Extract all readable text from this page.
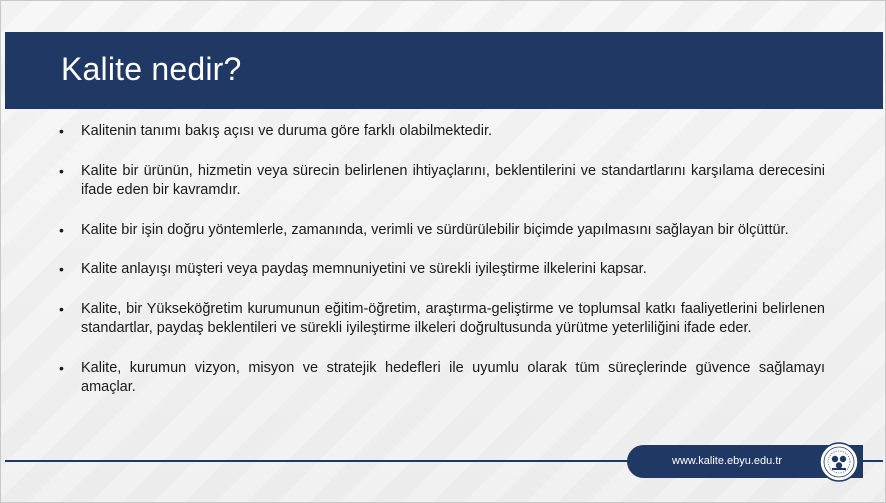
Kalite nedir?
• Kalitenin tanımı bakış açısı ve duruma göre farklı olabilmektedir.
• Kalite bir ürünün, hizmetin veya sürecin belirlenen ihtiyaçlarını, beklentilerini ve standartlarını karşılama derecesini ifade eden bir kavramdır.
• Kalite bir işin doğru yöntemlerle, zamanında, verimli ve sürdürülebilir biçimde yapılmasını sağlayan bir ölçüttür.
• Kalite anlayışı müşteri veya paydaş memnuniyetini ve sürekli iyileştirme ilkelerini kapsar.
• Kalite, bir Yükseköğretim kurumunun eğitim-öğretim, araştırma-geliştirme ve toplumsal katkı faaliyetlerini belirlenen standartlar, paydaş beklentileri ve sürekli iyileştirme ilkeleri doğrultusunda yürütme yeterliliğini ifade eder.
• Kalite, kurumun vizyon, misyon ve stratejik hedefleri ile uyumlu olarak tüm süreçlerinde güvence sağlamayı amaçlar.
www.kalite.ebyu.edu.tr
